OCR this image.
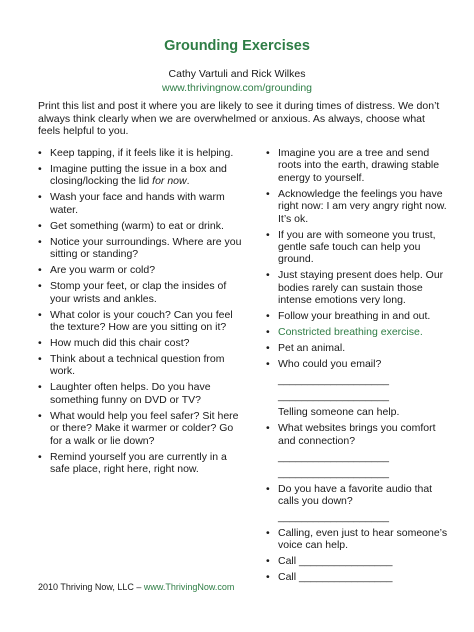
Grounding Exercises
Cathy Vartuli and Rick Wilkes
www.thrivingnow.com/grounding

Print this list and post it where you are likely to see it during times of distress. We don’t always think clearly when we are overwhelmed or anxious. As always, choose what feels helpful to you.

• Keep tapping, if it feels like it is helping.
• Imagine putting the issue in a box and closing/locking the lid for now.
• Wash your face and hands with warm water.
• Get something (warm) to eat or drink.
• Notice your surroundings. Where are you sitting or standing?
• Are you warm or cold?
• Stomp your feet, or clap the insides of your wrists and ankles.
• What color is your couch? Can you feel the texture? How are you sitting on it?
• How much did this chair cost?
• Think about a technical question from work.
• Laughter often helps. Do you have something funny on DVD or TV?
• What would help you feel safer? Sit here or there? Make it warmer or colder? Go for a walk or lie down?
• Remind yourself you are currently in a safe place, right here, right now.
• Imagine you are a tree and send roots into the earth, drawing stable energy to yourself.
• Acknowledge the feelings you have right now: I am very angry right now. It’s ok.
• If you are with someone you trust, gentle safe touch can help you ground.
• Just staying present does help. Our bodies rarely can sustain those intense emotions very long.
• Follow your breathing in and out.
• Constricted breathing exercise.
• Pet an animal.
• Who could you email?
___________________
___________________
Telling someone can help.
• What websites brings you comfort and connection?
___________________
___________________
• Do you have a favorite audio that calls you down?
___________________
• Calling, even just to hear someone’s voice can help.
• Call ________________
• Call ________________
2010 Thriving Now, LLC – www.ThrivingNow.com
